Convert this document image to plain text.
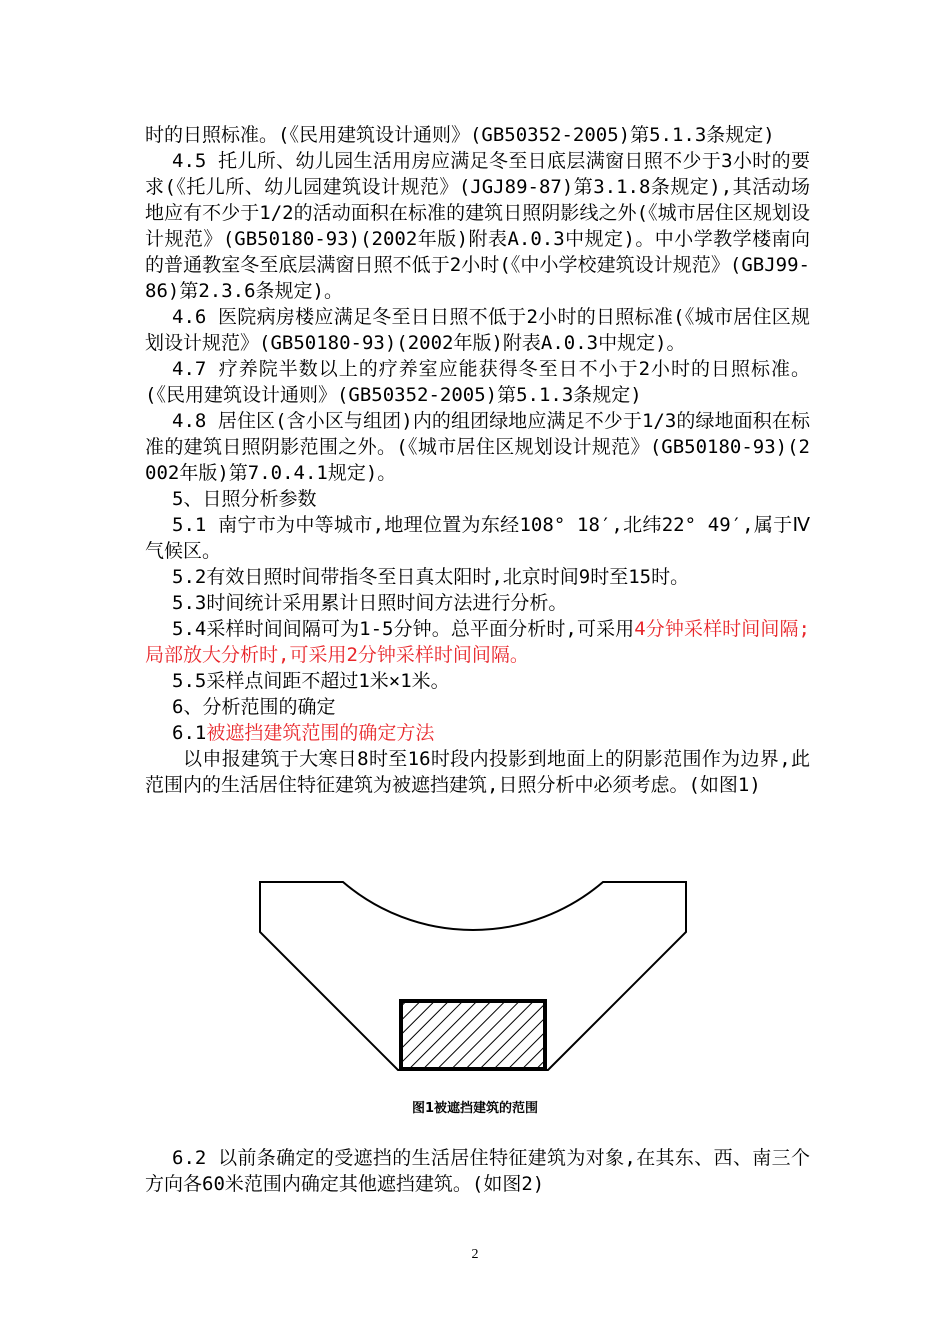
时的日照标准。(《民用建筑设计通则》(GB50352-2005)第5.1.3条规定)

4.5 托儿所、幼儿园生活用房应满足冬至日底层满窗日照不少于3小时的要求(《托儿所、幼儿园建筑设计规范》(JGJ89-87)第3.1.8条规定),其活动场地应有不少于1/2的活动面积在标准的建筑日照阴影线之外(《城市居住区规划设计规范》(GB50180-93)(2002年版)附表A.0.3中规定)。中小学教学楼南向的普通教室冬至底层满窗日照不低于2小时(《中小学校建筑设计规范》(GBJ99-86)第2.3.6条规定)。

4.6 医院病房楼应满足冬至日日照不低于2小时的日照标准(《城市居住区规划设计规范》(GB50180-93)(2002年版)附表A.0.3中规定)。

4.7 疗养院半数以上的疗养室应能获得冬至日不小于2小时的日照标准。(《民用建筑设计通则》(GB50352-2005)第5.1.3条规定)

4.8 居住区(含小区与组团)内的组团绿地应满足不少于1/3的绿地面积在标准的建筑日照阴影范围之外。(《城市居住区规划设计规范》(GB50180-93)(2002年版)第7.0.4.1规定)。

5、日照分析参数

5.1 南宁市为中等城市,地理位置为东经108° 18′,北纬22° 49′,属于Ⅳ气候区。

5.2有效日照时间带指冬至日真太阳时,北京时间9时至15时。

5.3时间统计采用累计日照时间方法进行分析。

5.4采样时间间隔可为1-5分钟。总平面分析时,可采用4分钟采样时间间隔;局部放大分析时,可采用2分钟采样时间间隔。

5.5采样点间距不超过1米×1米。

6、分析范围的确定

6.1被遮挡建筑范围的确定方法

以申报建筑于大寒日8时至16时段内投影到地面上的阴影范围作为边界,此范围内的生活居住特征建筑为被遮挡建筑,日照分析中必须考虑。(如图1)

图1被遮挡建筑的范围

6.2 以前条确定的受遮挡的生活居住特征建筑为对象,在其东、西、南三个方向各60米范围内确定其他遮挡建筑。(如图2)

2
